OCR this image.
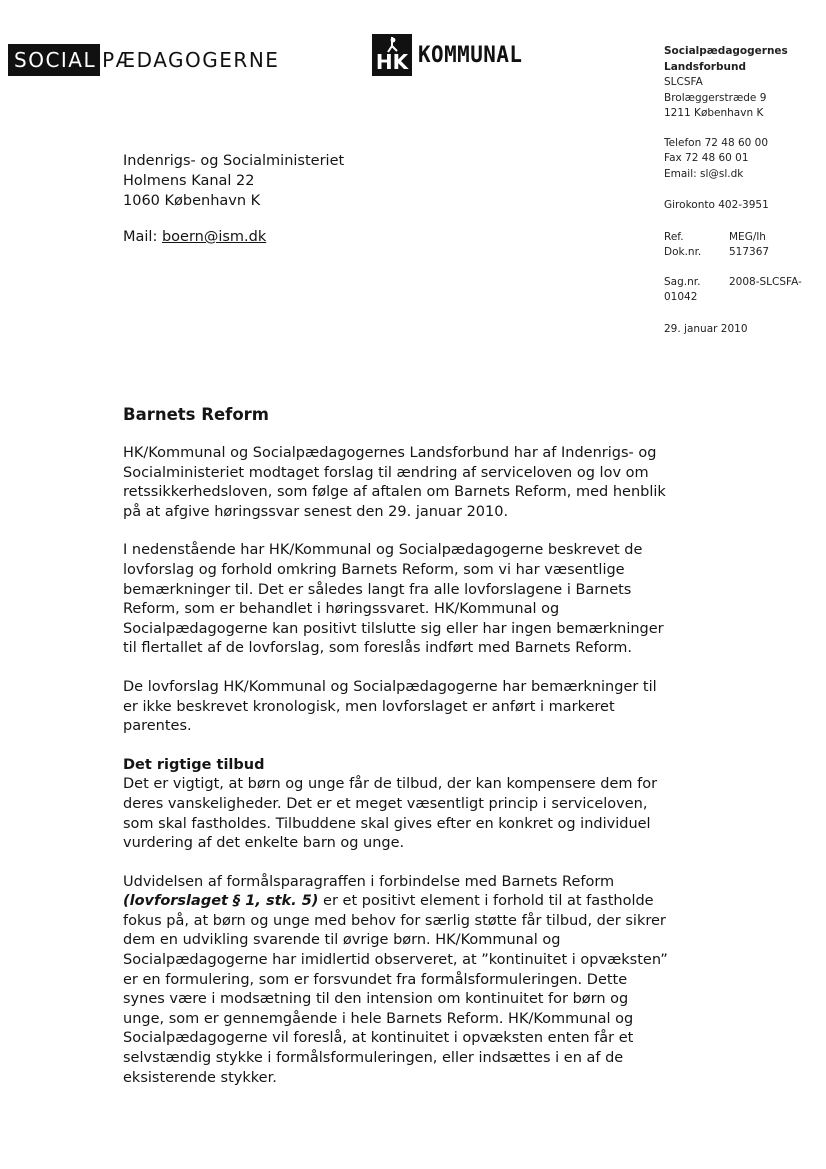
SOCIAL PÆDAGOGERNE	HK KOMMUNAL	Socialpædagogernes
Landsforbund
SLCSFA
Brolæggerstræde 9
1211 København K
Telefon 72 48 60 00
Fax 72 48 60 01
Email: sl@sl.dk
Girokonto 402-3951
Ref.	MEG/lh
Dok.nr.	517367
Sag.nr.	2008-SLCSFA-
01042
29. januar 2010
Indenrigs- og Socialministeriet
Holmens Kanal 22
1060 København K
Mail: boern@ism.dk
Barnets Reform

HK/Kommunal og Socialpædagogernes Landsforbund har af Indenrigs- og Socialministeriet modtaget forslag til ændring af serviceloven og lov om retssikkerhedsloven, som følge af aftalen om Barnets Reform, med henblik på at afgive høringssvar senest den 29. januar 2010.

I nedenstående har HK/Kommunal og Socialpædagogerne beskrevet de lovforslag og forhold omkring Barnets Reform, som vi har væsentlige bemærkninger til. Det er således langt fra alle lovforslagene i Barnets Reform, som er behandlet i høringssvaret. HK/Kommunal og Socialpædagogerne kan positivt tilslutte sig eller har ingen bemærkninger til flertallet af de lovforslag, som foreslås indført med Barnets Reform.

De lovforslag HK/Kommunal og Socialpædagogerne har bemærkninger til er ikke beskrevet kronologisk, men lovforslaget er anført i markeret parentes.

Det rigtige tilbud

Det er vigtigt, at børn og unge får de tilbud, der kan kompensere dem for deres vanskeligheder. Det er et meget væsentligt princip i serviceloven, som skal fastholdes. Tilbuddene skal gives efter en konkret og individuel vurdering af det enkelte barn og unge.

Udvidelsen af formålsparagraffen i forbindelse med Barnets Reform (lovforslaget § 1, stk. 5) er et positivt element i forhold til at fastholde fokus på, at børn og unge med behov for særlig støtte får tilbud, der sikrer dem en udvikling svarende til øvrige børn. HK/Kommunal og Socialpædagogerne har imidlertid observeret, at ”kontinuitet i opvæksten” er en formulering, som er forsvundet fra formålsformuleringen. Dette synes være i modsætning til den intension om kontinuitet for børn og unge, som er gennemgående i hele Barnets Reform. HK/Kommunal og Socialpædagogerne vil foreslå, at kontinuitet i opvæksten enten får et selvstændig stykke i formålsformuleringen, eller indsættes i en af de eksisterende stykker.
